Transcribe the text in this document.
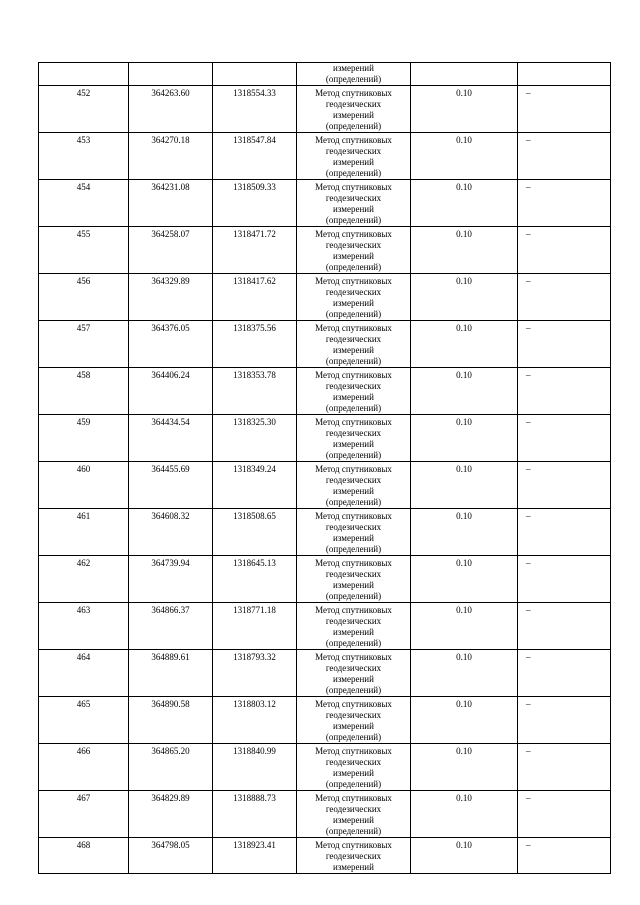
			измерений
(определений)		

452	364263.60	1318554.33	Метод спутниковых
геодезических
измерений
(определений)	0.10	–
453	364270.18	1318547.84	Метод спутниковых
геодезических
измерений
(определений)	0.10	–
454	364231.08	1318509.33	Метод спутниковых
геодезических
измерений
(определений)	0.10	–
455	364258.07	1318471.72	Метод спутниковых
геодезических
измерений
(определений)	0.10	–
456	364329.89	1318417.62	Метод спутниковых
геодезических
измерений
(определений)	0.10	–
457	364376.05	1318375.56	Метод спутниковых
геодезических
измерений
(определений)	0.10	–
458	364406.24	1318353.78	Метод спутниковых
геодезических
измерений
(определений)	0.10	–
459	364434.54	1318325.30	Метод спутниковых
геодезических
измерений
(определений)	0.10	–
460	364455.69	1318349.24	Метод спутниковых
геодезических
измерений
(определений)	0.10	–
461	364608.32	1318508.65	Метод спутниковых
геодезических
измерений
(определений)	0.10	–
462	364739.94	1318645.13	Метод спутниковых
геодезических
измерений
(определений)	0.10	–
463	364866.37	1318771.18	Метод спутниковых
геодезических
измерений
(определений)	0.10	–
464	364889.61	1318793.32	Метод спутниковых
геодезических
измерений
(определений)	0.10	–
465	364890.58	1318803.12	Метод спутниковых
геодезических
измерений
(определений)	0.10	–
466	364865.20	1318840.99	Метод спутниковых
геодезических
измерений
(определений)	0.10	–
467	364829.89	1318888.73	Метод спутниковых
геодезических
измерений
(определений)	0.10	–
468	364798.05	1318923.41	Метод спутниковых
геодезических
измерений	0.10	–
